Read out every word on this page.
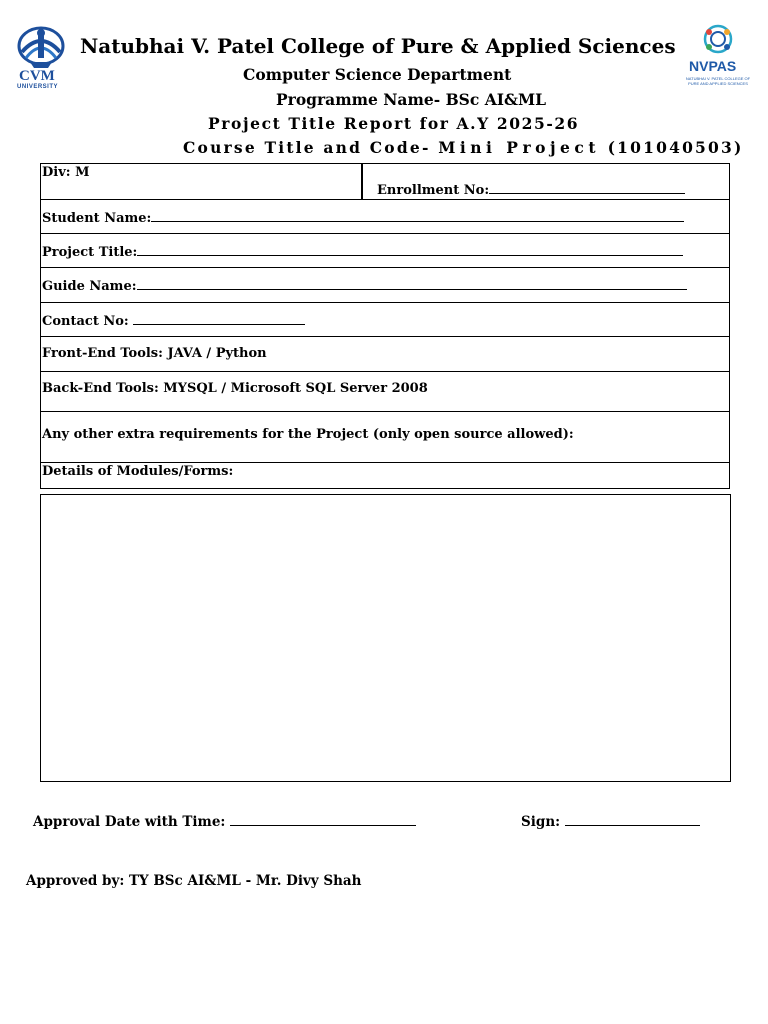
CVM
UNIVERSITY
NVPAS
NATUBHAI V. PATEL COLLEGE OF PURE AND APPLIED SCIENCES
Natubhai V. Patel College of Pure & Applied Sciences
Computer Science Department
Programme Name- BSc AI&ML
Project Title Report for A.Y 2025-26
Course Title and Code- Mini Project (101040503)
Div: M
Enrollment No:
Student Name:
Project Title:
Guide Name:
Contact No:
Front-End Tools: JAVA / Python
Back-End Tools: MYSQL / Microsoft SQL Server 2008
Any other extra requirements for the Project (only open source allowed):
Details of Modules/Forms:
Approval Date with Time:	Sign:
Approved by: TY BSc AI&ML - Mr. Divy Shah
